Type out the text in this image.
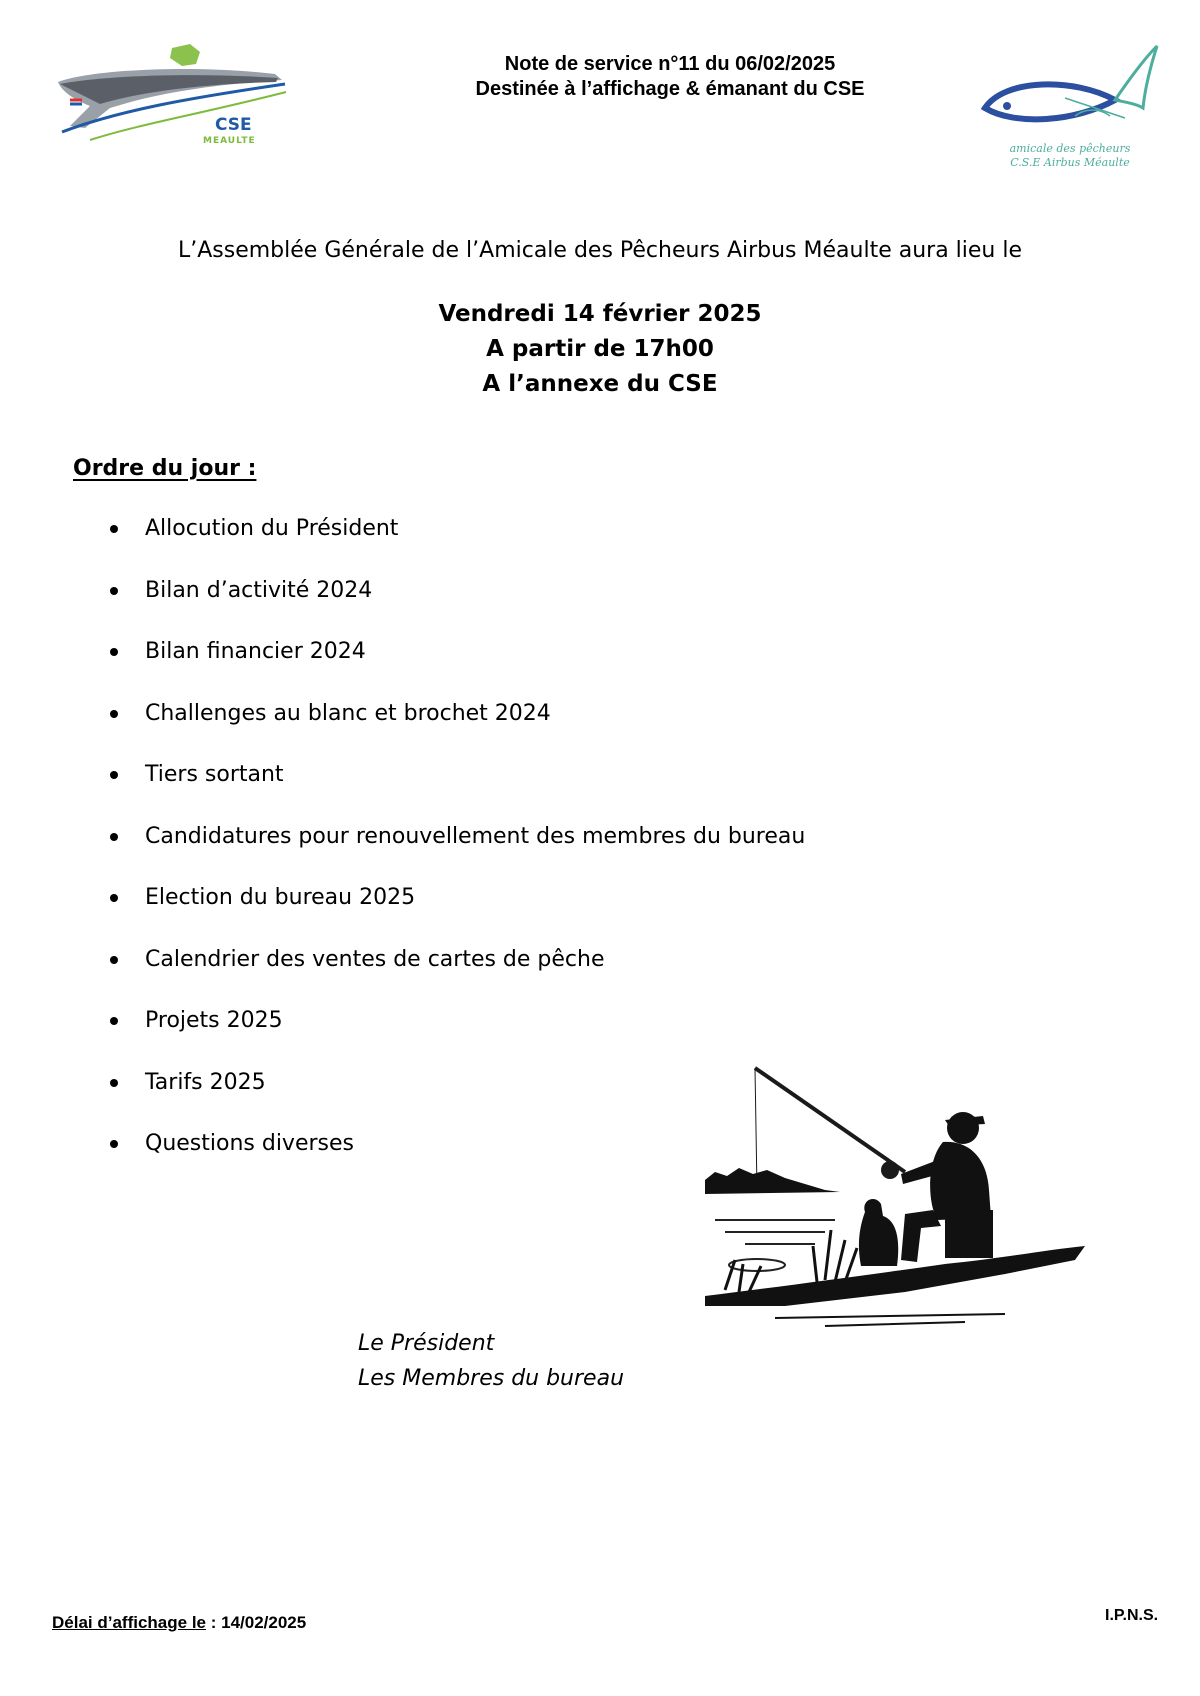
CSE
MEAULTE
Note de service n°11 du 06/02/2025
Destinée à l’affichage & émanant du CSE
amicale des pêcheurs
C.S.E Airbus Méaulte
L’Assemblée Générale de l’Amicale des Pêcheurs Airbus Méaulte aura lieu le
Vendredi 14 février 2025
A partir de 17h00
A l’annexe du CSE
Ordre du jour :
Allocution du Président
Bilan d’activité 2024
Bilan financier 2024
Challenges au blanc et brochet 2024
Tiers sortant
Candidatures pour renouvellement des membres du bureau
Election du bureau 2025
Calendrier des ventes de cartes de pêche
Projets 2025
Tarifs 2025
Questions diverses
Le Président
Les Membres du bureau
Délai d’affichage le : 14/02/2025	I.P.N.S.
